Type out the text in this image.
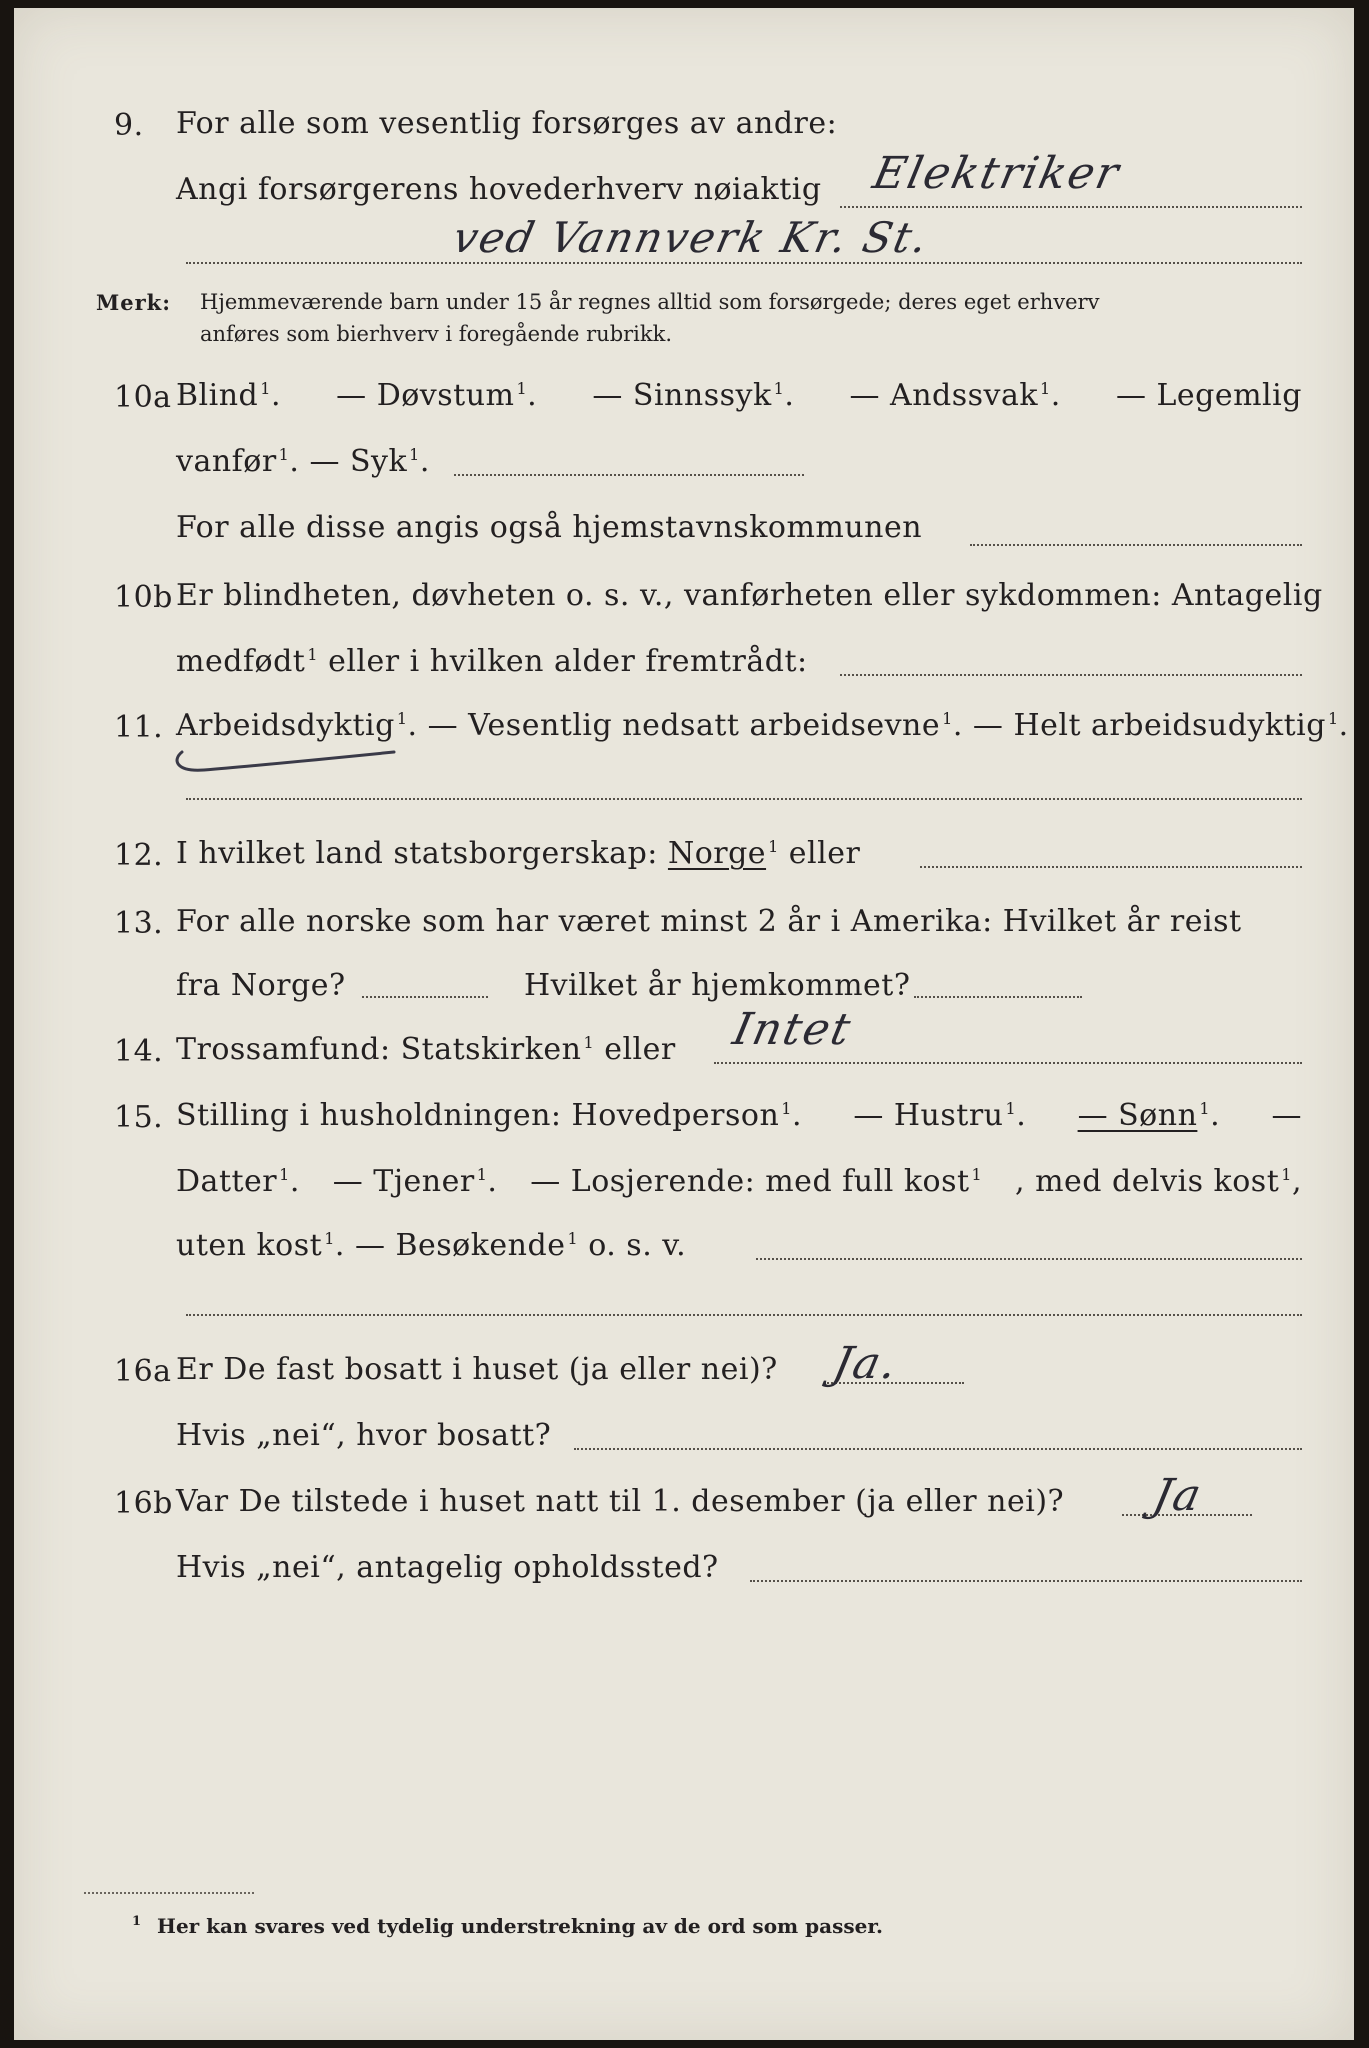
9. For alle som vesentlig forsørges av andre:
Angi forsørgerens hovederhverv nøiaktig	Elektriker
ved Vannverk Kr. St.
Merk: Hjemmeværende barn under 15 år regnes alltid som forsørgede; deres eget erhverv
anføres som bierhverv i foregående rubrikk.
10a Blind $^1$. — Døvstum $^1$. — Sinnssyk $^1$. — Andssvak $^1$. — Legemlig
vanfør $^1$. — Syk $^1$.
For alle disse angis også hjemstavnskommunen
10b Er blindheten, døvheten o. s. v., vanførheten eller sykdommen: Antagelig
medfødt $^1$ eller i hvilken alder fremtrådt:
11. Arbeidsdyktig $^1$. — Vesentlig nedsatt arbeidsevne $^1$. — Helt arbeidsudyktig $^1$.
12. I hvilket land statsborgerskap: Norge $^1$ eller
13. For alle norske som har været minst 2 år i Amerika: Hvilket år reist
fra Norge?	Hvilket år hjemkommet?
14. Trossamfund: Statskirken $^1$ eller	Intet
15. Stilling i husholdningen: Hovedperson $^1$. — Hustru $^1$. — Sønn $^1$. —
Datter $^1$. — Tjener $^1$. — Losjerende: med full kost $^1$ , med delvis kost $^1$,
uten kost $^1$. — Besøkende $^1$ o. s. v.
16a Er De fast bosatt i huset (ja eller nei)?	Ja.
Hvis „nei“, hvor bosatt?
16b Var De tilstede i huset natt til 1. desember (ja eller nei)?	Ja
Hvis „nei“, antagelig opholdssted?
$^1$ Her kan svares ved tydelig understrekning av de ord som passer.
